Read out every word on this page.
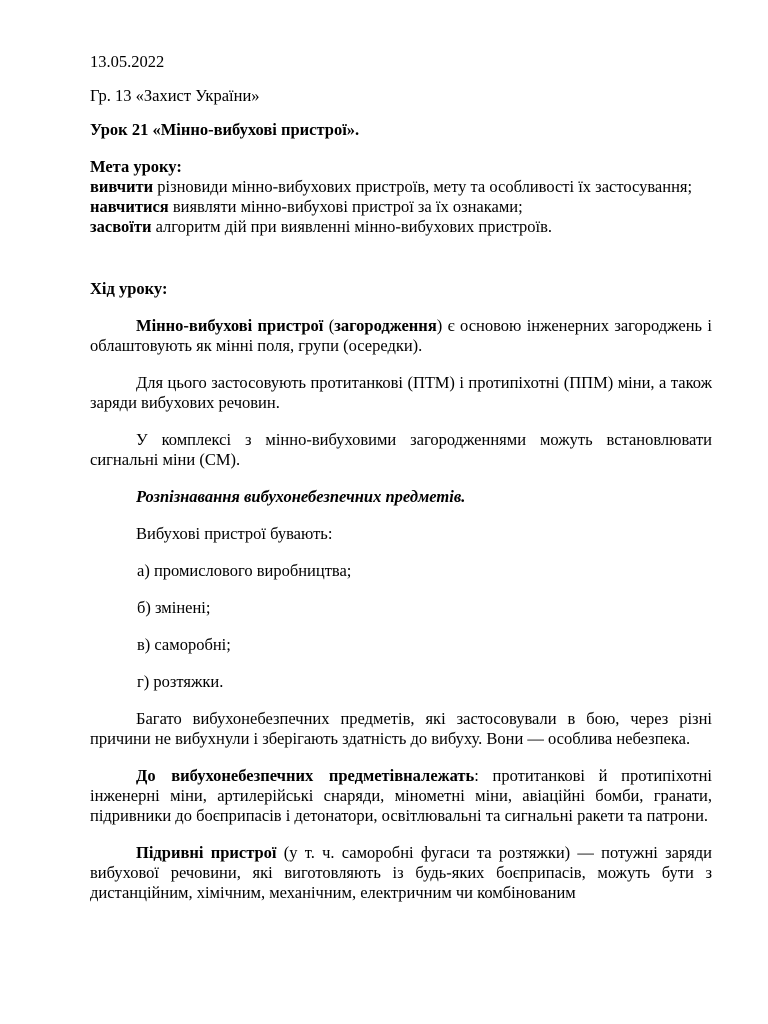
13.05.2022

Гр. 13 «Захист України»

Урок 21 «Мінно-вибухові пристрої».

Мета уроку:

вивчити різновиди мінно-вибухових пристроїв, мету та особливості їх застосування;

навчитися виявляти мінно-вибухові пристрої за їх ознаками;

засвоїти алгоритм дій при виявленні мінно-вибухових пристроїв.

Хід уроку:

Мінно-вибухові пристрої (загородження) є основою інженерних загороджень і облаштовують як мінні поля, групи (осередки).

Для цього застосовують протитанкові (ПТМ) і протипіхотні (ППМ) міни, а також заряди вибухових речовин.

У комплексі з мінно-вибуховими загородженнями можуть встановлювати сигнальні міни (СМ).

Розпізнавання вибухонебезпечних предметів.

Вибухові пристрої бувають:

а) промислового виробництва;

б) змінені;

в) саморобні;

г) розтяжки.

Багато вибухонебезпечних предметів, які застосовували в бою, через різні причини не вибухнули і зберігають здатність до вибуху. Вони — особлива небезпека.

До вибухонебезпечних предметівналежать: протитанкові й протипіхотні інженерні міни, артилерійські снаряди, мінометні міни, авіаційні бомби, гранати, підривники до боєприпасів і детонатори, освітлювальні та сигнальні ракети та патрони.

Підривні пристрої (у т. ч. саморобні фугаси та розтяжки) — потужні заряди вибухової речовини, які виготовляють із будь-яких боєприпасів, можуть бути з дистанційним, хімічним, механічним, електричним чи комбінованим
